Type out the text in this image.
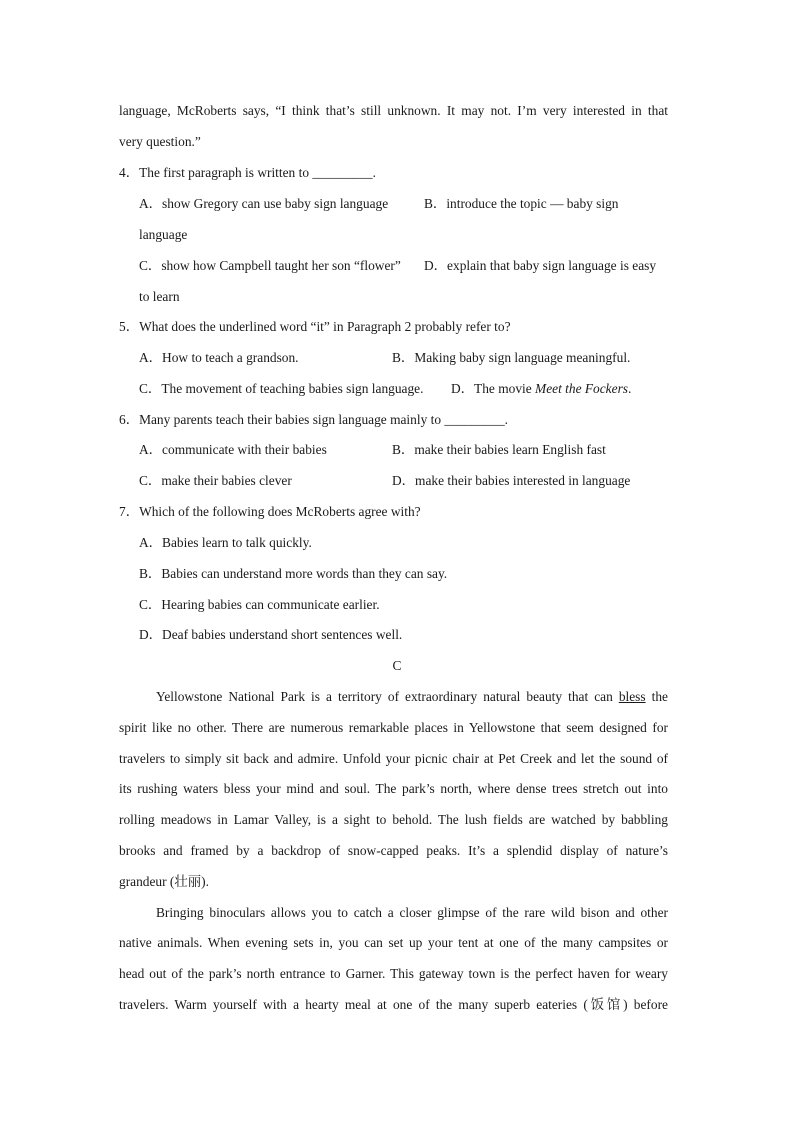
language, McRoberts says, “I think that’s still unknown. It may not. I’m very interested in that
very question.”
4．The first paragraph is written to _________.
A．show Gregory can use baby sign language	B．introduce the topic — baby sign
language
C．show how Campbell taught her son “flower” D．explain that baby sign language is easy
to learn
5．What does the underlined word “it” in Paragraph 2 probably refer to?
A．How to teach a grandson.	B．Making baby sign language meaningful.
C．The movement of teaching babies sign language. D．The movie Meet the Fockers.
6．Many parents teach their babies sign language mainly to _________.
A．communicate with their babies	B．make their babies learn English fast
C．make their babies clever	D．make their babies interested in language
7．Which of the following does McRoberts agree with?
A．Babies learn to talk quickly.
B．Babies can understand more words than they can say.
C．Hearing babies can communicate earlier.
D．Deaf babies understand short sentences well.
C
Yellowstone National Park is a territory of extraordinary natural beauty that can bless the
spirit like no other. There are numerous remarkable places in Yellowstone that seem designed for
travelers to simply sit back and admire. Unfold your picnic chair at Pet Creek and let the sound of
its rushing waters bless your mind and soul. The park’s north, where dense trees stretch out into
rolling meadows in Lamar Valley, is a sight to behold. The lush fields are watched by babbling
brooks and framed by a backdrop of snow-capped peaks. It’s a splendid display of nature’s
grandeur (壮丽).
Bringing binoculars allows you to catch a closer glimpse of the rare wild bison and other
native animals. When evening sets in, you can set up your tent at one of the many campsites or
head out of the park’s north entrance to Garner. This gateway town is the perfect haven for weary
travelers. Warm yourself with a hearty meal at one of the many superb eateries (饭馆) before
